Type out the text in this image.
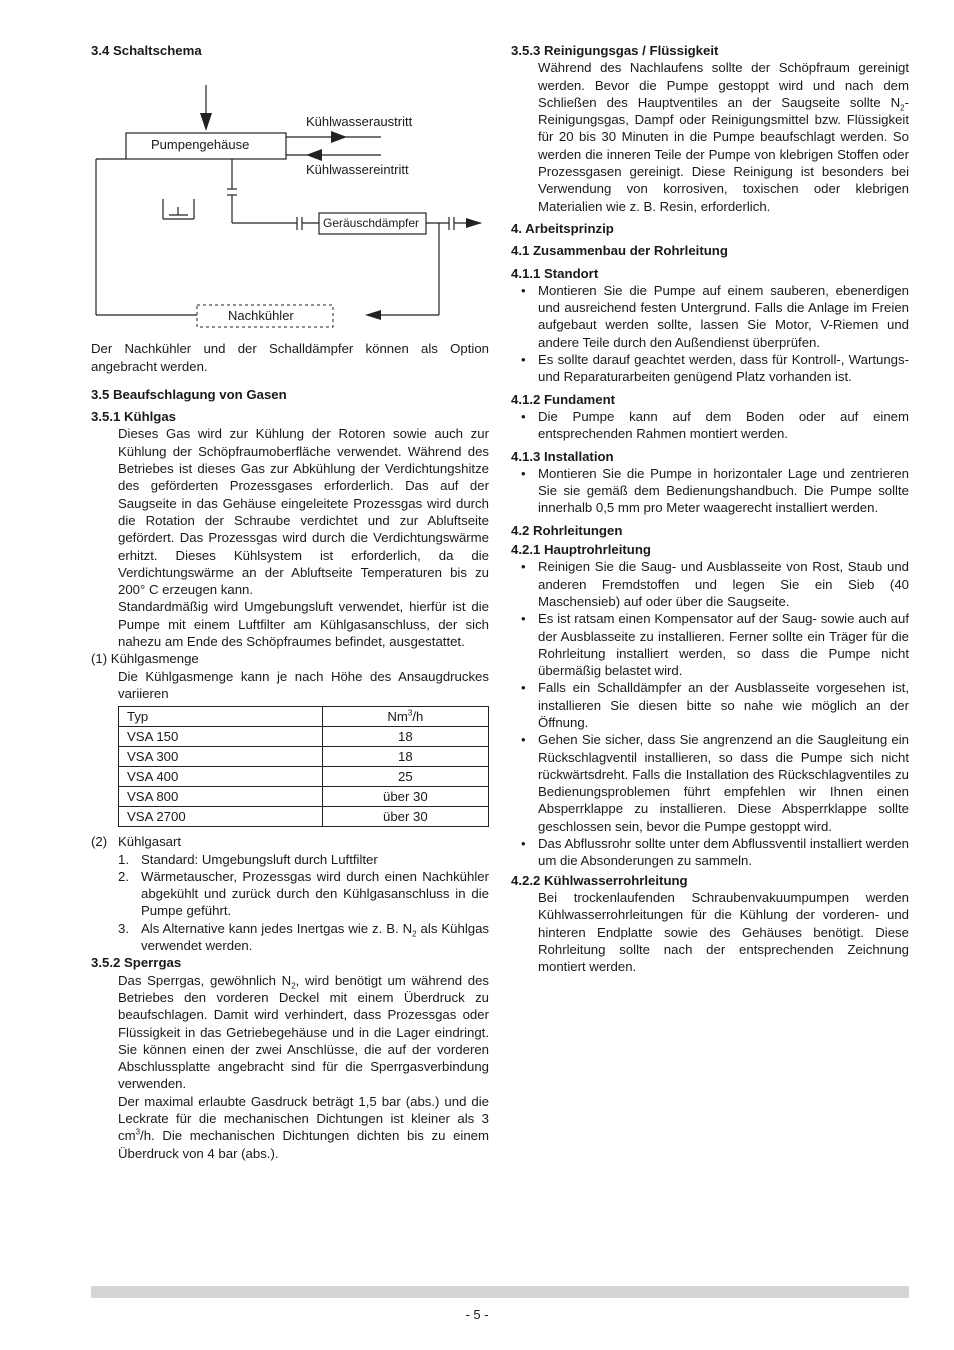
3.4 Schaltschema
Pumpengehäuse
Kühlwasseraustritt
Kühlwassereintritt
Geräuschdämpfer
Nachkühler

Der Nachkühler und der Schalldämpfer können als Option angebracht werden.

3.5 Beaufschlagung von Gasen
3.5.1 Kühlgas

Dieses Gas wird zur Kühlung der Rotoren sowie auch zur Kühlung der Schöpfraumoberfläche verwendet. Während des Betriebes ist dieses Gas zur Abkühlung der Verdichtungshitze des geförderten Prozessgases erforderlich. Das auf der Saugseite in das Gehäuse eingeleitete Prozessgas wird durch die Rotation der Schraube verdichtet und zur Abluftseite gefördert. Das Prozessgas wird durch die Verdichtungswärme erhitzt. Dieses Kühlsystem ist erforderlich, da die Verdichtungswärme an der Abluftseite Temperaturen bis zu 200° C erzeugen kann.

Standardmäßig wird Umgebungsluft verwendet, hierfür ist die Pumpe mit einem Luftfilter am Kühlgasanschluss, der sich nahezu am Ende des Schöpfraumes befindet, ausgestattet.

(1) Kühlgasmenge

Die Kühlgasmenge kann je nach Höhe des Ansaugdruckes variieren

Typ	Nm$^3$/h
VSA 150	18
VSA 300	18
VSA 400	25
VSA 800	über 30
VSA 2700	über 30
(2) Kühlgasart
1. Standard: Umgebungsluft durch Luftfilter
2. Wärmetauscher, Prozessgas wird durch einen Nachkühler abgekühlt und zurück durch den Kühlgasanschluss in die Pumpe geführt.
3. Als Alternative kann jedes Inertgas wie z. B. $N_2$ als Kühlgas verwendet werden.
3.5.2 Sperrgas

Das Sperrgas, gewöhnlich $N_2$, wird benötigt um während des Betriebes den vorderen Deckel mit einem Überdruck zu beaufschlagen. Damit wird verhindert, dass Prozessgas oder Flüssigkeit in das Getriebegehäuse und in die Lager eindringt. Sie können einen der zwei Anschlüsse, die auf der vorderen Abschlussplatte angebracht sind für die Sperrgasverbindung verwenden.

Der maximal erlaubte Gasdruck beträgt 1,5 bar (abs.) und die Leckrate für die mechanischen Dichtungen ist kleiner als 3 $cm^3/h$. Die mechanischen Dichtungen dichten bis zu einem Überdruck von 4 bar (abs.).

3.5.3 Reinigungsgas / Flüssigkeit

Während des Nachlaufens sollte der Schöpfraum gereinigt werden. Bevor die Pumpe gestoppt wird und nach dem Schließen des Hauptventiles an der Saugseite sollte $N_2$-Reinigungsgas, Dampf oder Reinigungsmittel bzw. Flüssigkeit für 20 bis 30 Minuten in die Pumpe beaufschlagt werden. So werden die inneren Teile der Pumpe von klebrigen Stoffen oder Prozessgasen gereinigt. Diese Reinigung ist besonders bei Verwendung von korrosiven, toxischen oder klebrigen Materialien wie z. B. Resin, erforderlich.

4. Arbeitsprinzip
4.1 Zusammenbau der Rohrleitung
4.1.1 Standort
• Montieren Sie die Pumpe auf einem sauberen, ebenerdigen und ausreichend festen Untergrund. Falls die Anlage im Freien aufgebaut werden sollte, lassen Sie Motor, V-Riemen und andere Teile durch den Außendienst überprüfen.
• Es sollte darauf geachtet werden, dass für Kontroll-, Wartungs- und Reparaturarbeiten genügend Platz vorhanden ist.
4.1.2 Fundament
• Die Pumpe kann auf dem Boden oder auf einem entsprechenden Rahmen montiert werden.
4.1.3 Installation
• Montieren Sie die Pumpe in horizontaler Lage und zentrieren Sie sie gemäß dem Bedienungshandbuch. Die Pumpe sollte innerhalb 0,5 mm pro Meter waagerecht installiert werden.
4.2 Rohrleitungen
4.2.1 Hauptrohrleitung
• Reinigen Sie die Saug- und Ausblasseite von Rost, Staub und anderen Fremdstoffen und legen Sie ein Sieb (40 Maschensieb) auf oder über die Saugseite.
• Es ist ratsam einen Kompensator auf der Saug- sowie auch auf der Ausblasseite zu installieren. Ferner sollte ein Träger für die Rohrleitung installiert werden, so dass die Pumpe nicht übermäßig belastet wird.
• Falls ein Schalldämpfer an der Ausblasseite vorgesehen ist, installieren Sie diesen bitte so nahe wie möglich an der Öffnung.
• Gehen Sie sicher, dass Sie angrenzend an die Saugleitung ein Rückschlagventil installieren, so dass die Pumpe sich nicht rückwärtsdreht. Falls die Installation des Rückschlagventiles zu Bedienungsproblemen führt empfehlen wir Ihnen einen Absperrklappe zu installieren. Diese Absperrklappe sollte geschlossen sein, bevor die Pumpe gestoppt wird.
• Das Abflussrohr sollte unter dem Abflussventil installiert werden um die Absonderungen zu sammeln.
4.2.2 Kühlwasserrohrleitung

Bei trockenlaufenden Schraubenvakuumpumpen werden Kühlwasserrohrleitungen für die Kühlung der vorderen- und hinteren Endplatte sowie des Gehäuses benötigt. Diese Rohrleitung sollte nach der entsprechenden Zeichnung montiert werden.

- 5 -
